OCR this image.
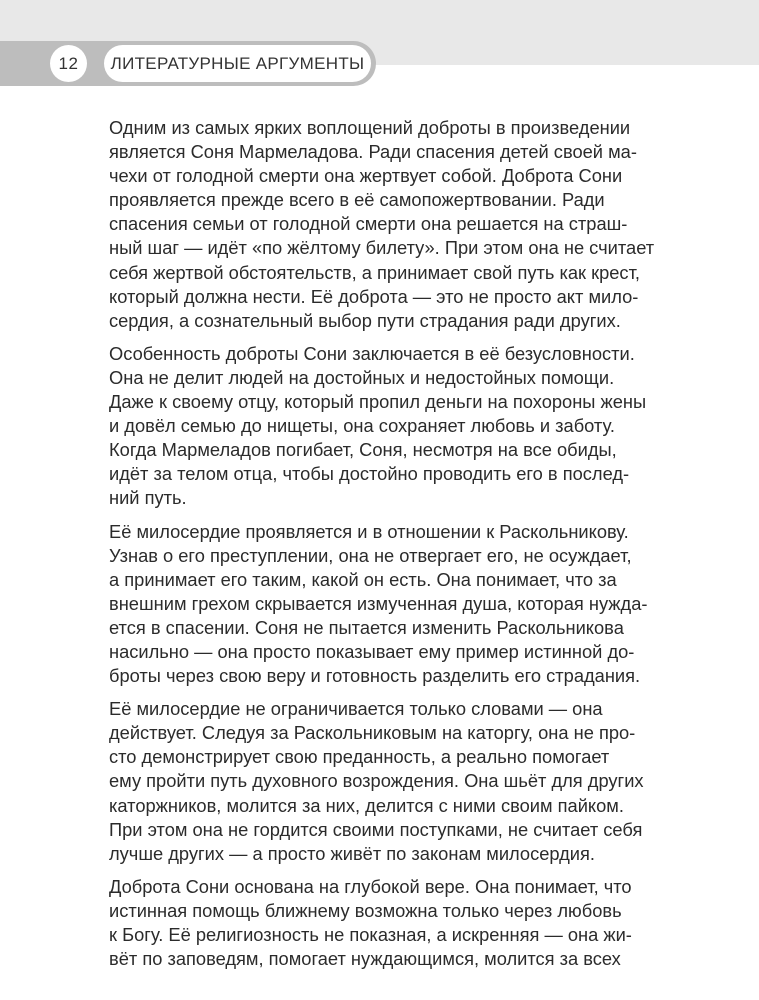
12	ЛИТЕРАТУРНЫЕ АРГУМЕНТЫ

Одним из самых ярких воплощений доброты в произведении
является Соня Мармеладова. Ради спасения детей своей ма-
чехи от голодной смерти она жертвует собой. Доброта Сони
проявляется прежде всего в её самопожертвовании. Ради
спасения семьи от голодной смерти она решается на страш-
ный шаг — идёт «по жёлтому билету». При этом она не считает
себя жертвой обстоятельств, а принимает свой путь как крест,
который должна нести. Её доброта — это не просто акт мило-
сердия, а сознательный выбор пути страдания ради других.

Особенность доброты Сони заключается в её безусловности.
Она не делит людей на достойных и недостойных помощи.
Даже к своему отцу, который пропил деньги на похороны жены
и довёл семью до нищеты, она сохраняет любовь и заботу.
Когда Мармеладов погибает, Соня, несмотря на все обиды,
идёт за телом отца, чтобы достойно проводить его в послед-
ний путь.

Её милосердие проявляется и в отношении к Раскольникову.
Узнав о его преступлении, она не отвергает его, не осуждает,
а принимает его таким, какой он есть. Она понимает, что за
внешним грехом скрывается измученная душа, которая нужда-
ется в спасении. Соня не пытается изменить Раскольникова
насильно — она просто показывает ему пример истинной до-
броты через свою веру и готовность разделить его страдания.

Её милосердие не ограничивается только словами — она
действует. Следуя за Раскольниковым на каторгу, она не про-
сто демонстрирует свою преданность, а реально помогает
ему пройти путь духовного возрождения. Она шьёт для других
каторжников, молится за них, делится с ними своим пайком.
При этом она не гордится своими поступками, не считает себя
лучше других — а просто живёт по законам милосердия.

Доброта Сони основана на глубокой вере. Она понимает, что
истинная помощь ближнему возможна только через любовь
к Богу. Её религиозность не показная, а искренняя — она жи-
вёт по заповедям, помогает нуждающимся, молится за всех
